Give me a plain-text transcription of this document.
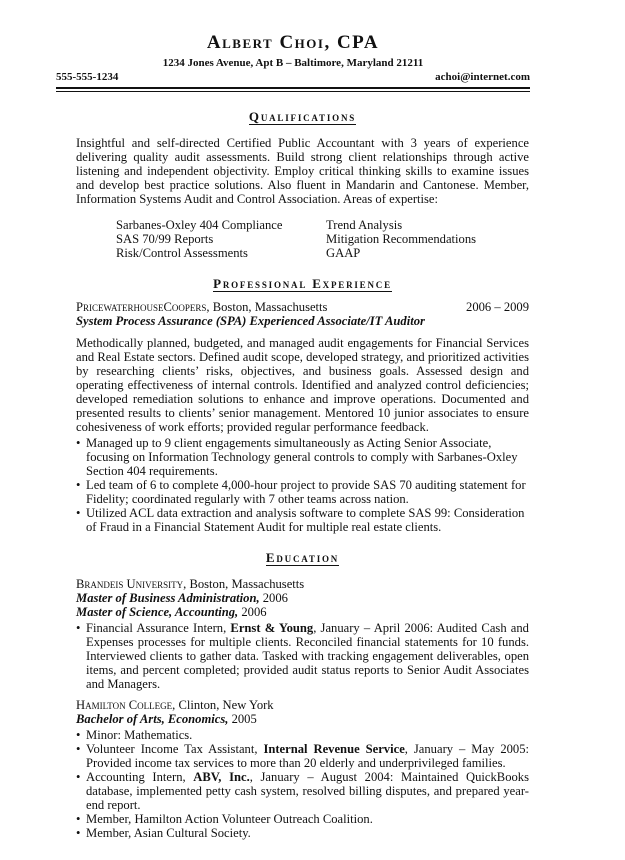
Albert Choi, CPA
1234 Jones Avenue, Apt B – Baltimore, Maryland 21211
555-555-1234	achoi@internet.com
Qualifications
Insightful and self-directed Certified Public Accountant with 3 years of experience delivering quality audit assessments. Build strong client relationships through active listening and independent objectivity. Employ critical thinking skills to examine issues and develop best practice solutions. Also fluent in Mandarin and Cantonese. Member, Information Systems Audit and Control Association. Areas of expertise:
Sarbanes-Oxley 404 Compliance	Trend Analysis
SAS 70/99 Reports	Mitigation Recommendations
Risk/Control Assessments	GAAP
Professional Experience
PricewaterhouseCoopers, Boston, Massachusetts	2006 – 2009
System Process Assurance (SPA) Experienced Associate/IT Auditor
Methodically planned, budgeted, and managed audit engagements for Financial Services and Real Estate sectors. Defined audit scope, developed strategy, and prioritized activities by researching clients’ risks, objectives, and business goals. Assessed design and operating effectiveness of internal controls. Identified and analyzed control deficiencies; developed remediation solutions to enhance and improve operations. Documented and presented results to clients’ senior management. Mentored 10 junior associates to ensure cohesiveness of work efforts; provided regular performance feedback.
• Managed up to 9 client engagements simultaneously as Acting Senior Associate, focusing on Information Technology general controls to comply with Sarbanes-Oxley Section 404 requirements.
• Led team of 6 to complete 4,000-hour project to provide SAS 70 auditing statement for Fidelity; coordinated regularly with 7 other teams across nation.
• Utilized ACL data extraction and analysis software to complete SAS 99: Consideration of Fraud in a Financial Statement Audit for multiple real estate clients.
Education
Brandeis University, Boston, Massachusetts
Master of Business Administration, 2006
Master of Science, Accounting, 2006
• Financial Assurance Intern, Ernst & Young, January – April 2006: Audited Cash and Expenses processes for multiple clients. Reconciled financial statements for 10 funds. Interviewed clients to gather data. Tasked with tracking engagement deliverables, open items, and percent completed; provided audit status reports to Senior Audit Associates and Managers.
Hamilton College, Clinton, New York
Bachelor of Arts, Economics, 2005
• Minor: Mathematics.
• Volunteer Income Tax Assistant, Internal Revenue Service, January – May 2005: Provided income tax services to more than 20 elderly and underprivileged families.
• Accounting Intern, ABV, Inc., January – August 2004: Maintained QuickBooks database, implemented petty cash system, resolved billing disputes, and prepared year-end report.
• Member, Hamilton Action Volunteer Outreach Coalition.
• Member, Asian Cultural Society.
